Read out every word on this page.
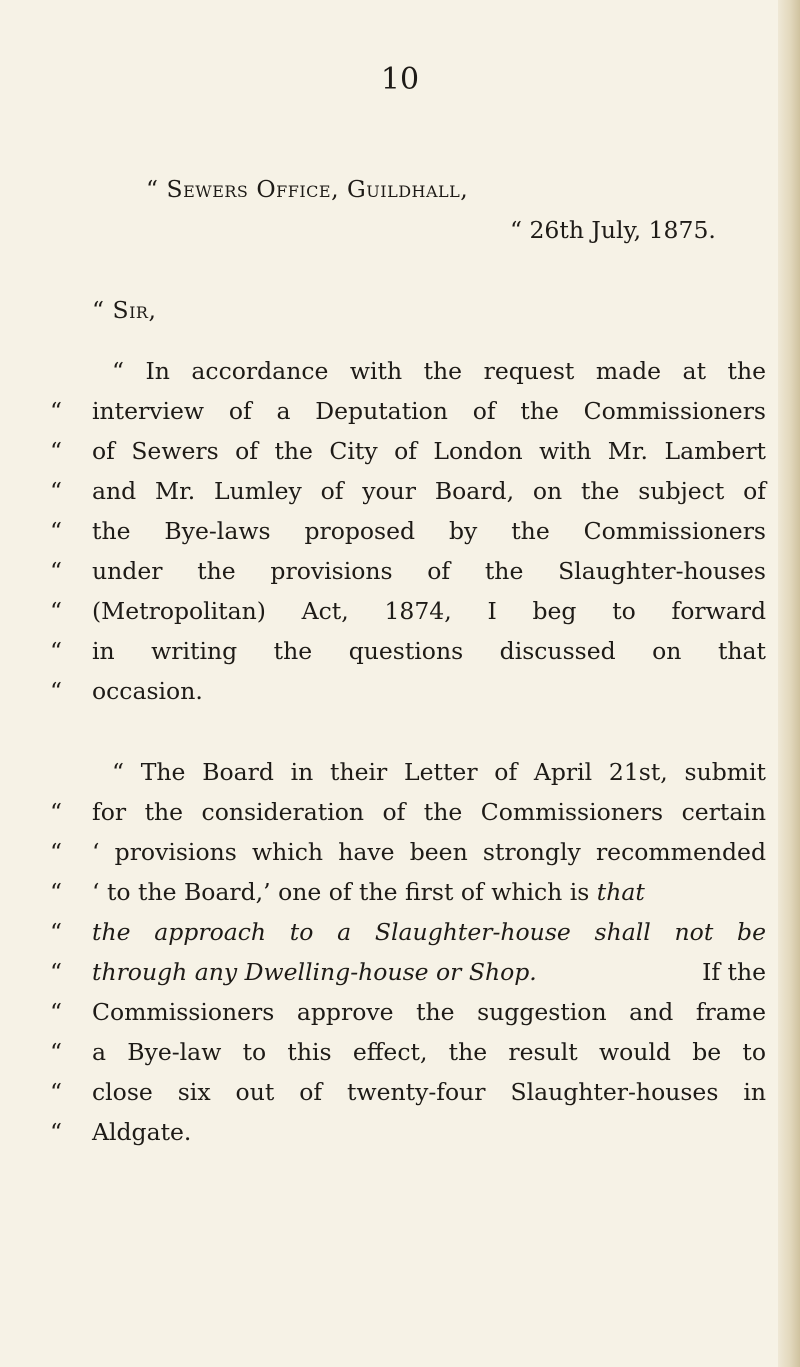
10
“ Sewers Office, Guildhall,
“ 26th July, 1875.
“ Sir,
“ In accordance with the request made at the
“ interview of a Deputation of the Commissioners
“ of Sewers of the City of London with Mr. Lambert
“ and Mr. Lumley of your Board, on the subject of
“ the Bye-laws proposed by the Commissioners
“ under the provisions of the Slaughter-houses
“ (Metropolitan) Act, 1874, I beg to forward
“ in writing the questions discussed on that
“ occasion.
“ The Board in their Letter of April 21st, submit
“ for the consideration of the Commissioners certain
“ ‘ provisions which have been strongly recommended
“ ‘ to the Board,’ one of the first of which is that
“ the approach to a Slaughter-house shall not be
“ through any Dwelling-house or Shop.	If the
“ Commissioners approve the suggestion and frame
“ a Bye-law to this effect, the result would be to
“ close six out of twenty-four Slaughter-houses in
“ Aldgate.
